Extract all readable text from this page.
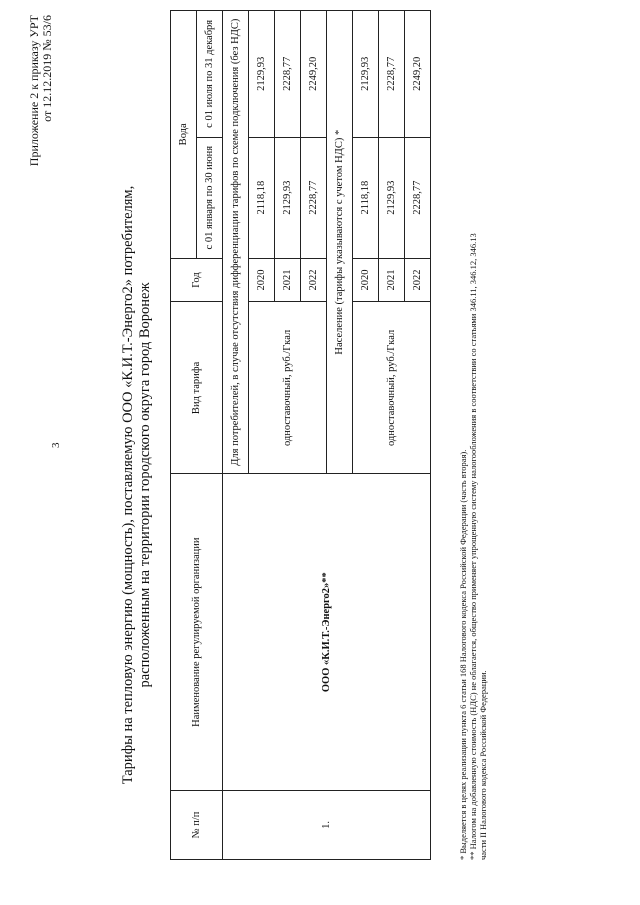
3
Приложение 2 к приказу УРТ от 12.12.2019 № 53/6
Тарифы на тепловую энергию (мощность), поставляемую ООО «К.И.Т.-Энерго2» потребителям, расположенным на территории городского округа город Воронеж
№ п/п	Наименование регулируемой организации	Вид тарифа	Год	Вода	
				с 01 января по 30 июня	с 01 июля по 31 декабря
1.	ООО «К.И.Т.-Энерго2»**	Для потребителей, в случае отсутствия дифференциации тарифов по схеме подключения (без НДС)			
		одноставочный, руб./Гкал	2020	2118,18	2129,93
			2021	2129,93	2228,77
			2022	2228,77	2249,20
		Население (тарифы указываются с учетом НДС) *			
		одноставочный, руб./Гкал	2020	2118,18	2129,93
			2021	2129,93	2228,77
			2022	2228,77	2249,20
* Выделяется в целях реализации пункта 6 статьи 168 Налогового кодекса Российской Федерации (часть вторая). ** Налогом на добавленную стоимость (НДС) не облагается, общество применяет упрощенную систему налогообложения в соответствии со статьями 346.11, 346.12, 346.13 части II Налогового кодекса Российской Федерации.
